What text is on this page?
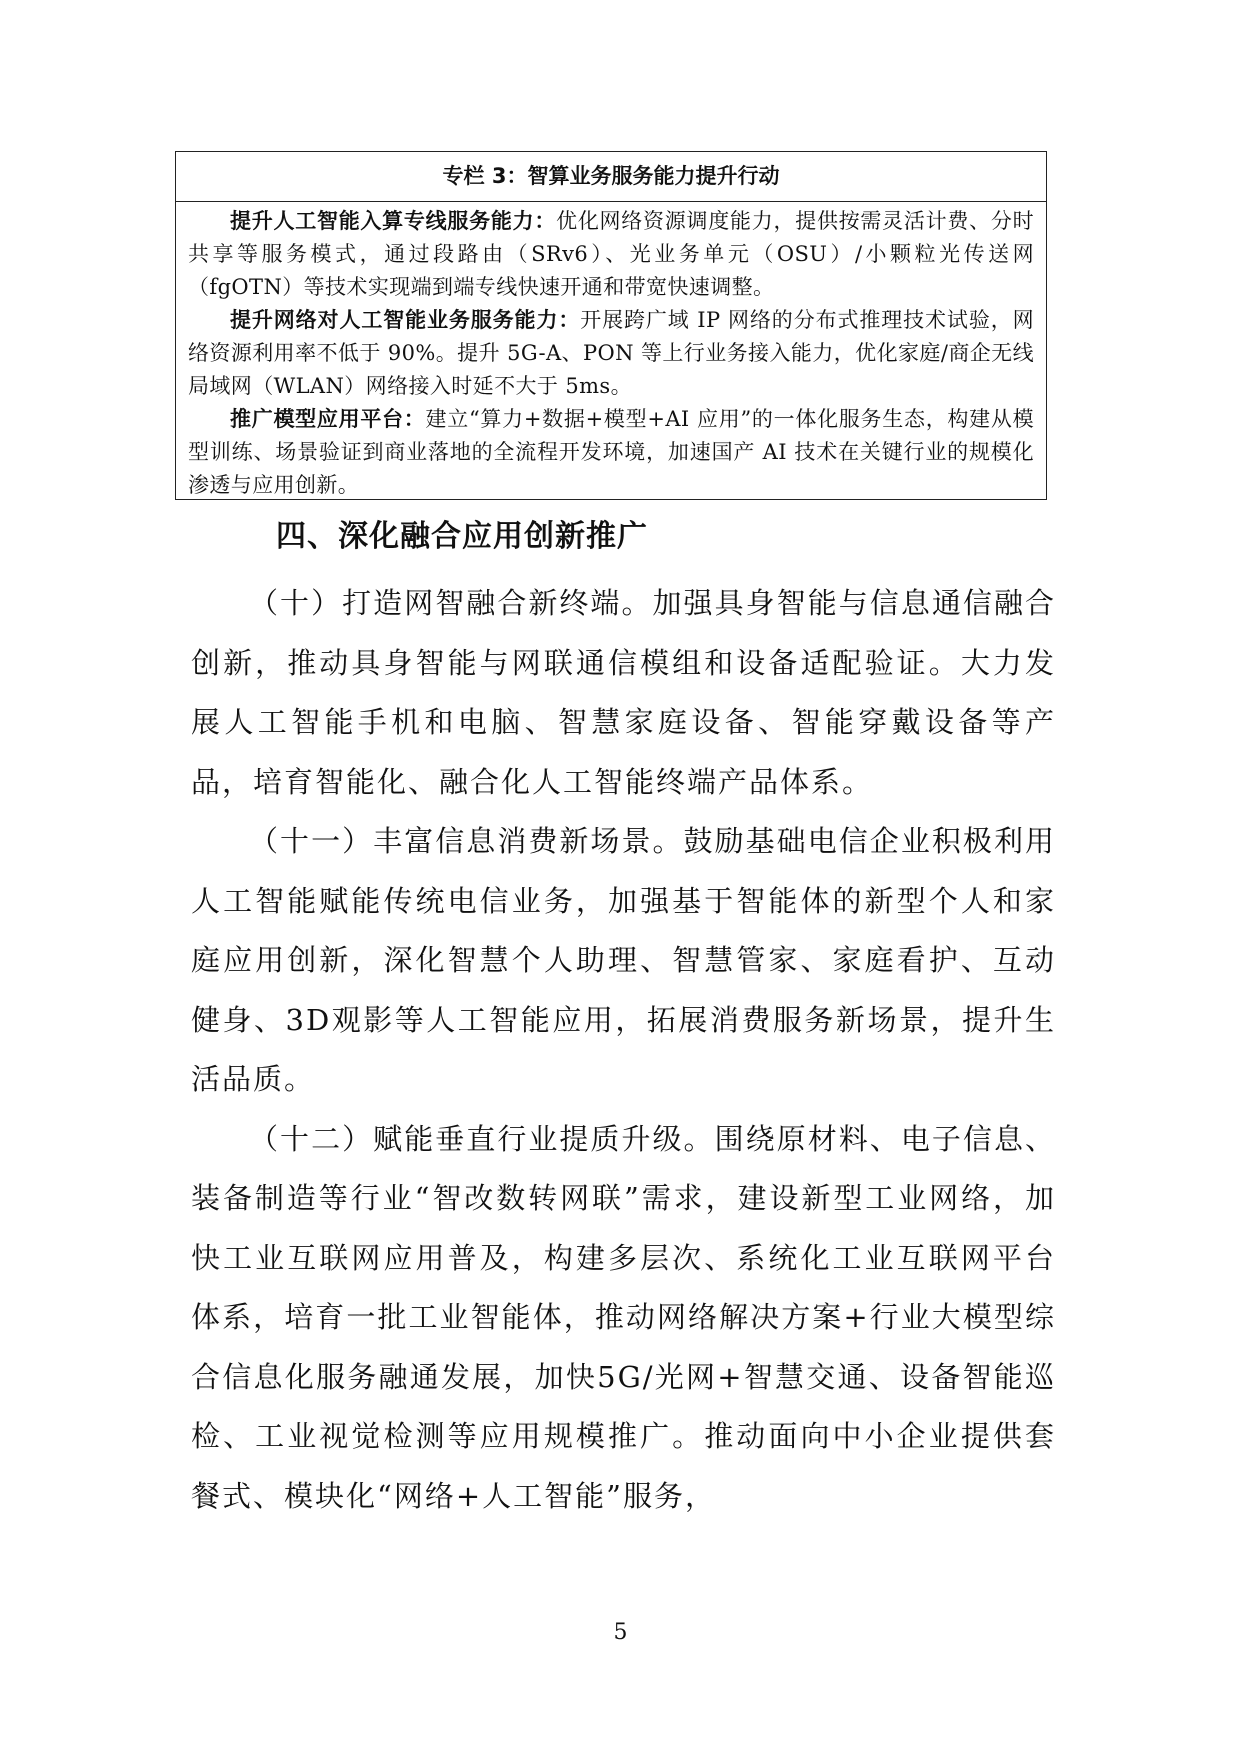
专栏 3：智算业务服务能力提升行动

提升人工智能入算专线服务能力：优化网络资源调度能力，提供按需灵活计费、分时共享等服务模式，通过段路由（SRv6）、光业务单元（OSU）/小颗粒光传送网（fgOTN）等技术实现端到端专线快速开通和带宽快速调整。

提升网络对人工智能业务服务能力：开展跨广域 IP 网络的分布式推理技术试验，网络资源利用率不低于 90%。提升 5G-A、PON 等上行业务接入能力，优化家庭/商企无线局域网（WLAN）网络接入时延不大于 5ms。

推广模型应用平台：建立“算力+数据+模型+AI 应用”的一体化服务生态，构建从模型训练、场景验证到商业落地的全流程开发环境，加速国产 AI 技术在关键行业的规模化渗透与应用创新。

四、深化融合应用创新推广

（十）打造网智融合新终端。加强具身智能与信息通信融合创新，推动具身智能与网联通信模组和设备适配验证。大力发展人工智能手机和电脑、智慧家庭设备、智能穿戴设备等产品，培育智能化、融合化人工智能终端产品体系。

（十一）丰富信息消费新场景。鼓励基础电信企业积极利用人工智能赋能传统电信业务，加强基于智能体的新型个人和家庭应用创新，深化智慧个人助理、智慧管家、家庭看护、互动健身、3D观影等人工智能应用，拓展消费服务新场景，提升生活品质。

（十二）赋能垂直行业提质升级。围绕原材料、电子信息、装备制造等行业“智改数转网联”需求，建设新型工业网络，加快工业互联网应用普及，构建多层次、系统化工业互联网平台体系，培育一批工业智能体，推动网络解决方案+行业大模型综合信息化服务融通发展，加快5G/光网+智慧交通、设备智能巡检、工业视觉检测等应用规模推广。推动面向中小企业提供套餐式、模块化“网络+人工智能”服务，

5
